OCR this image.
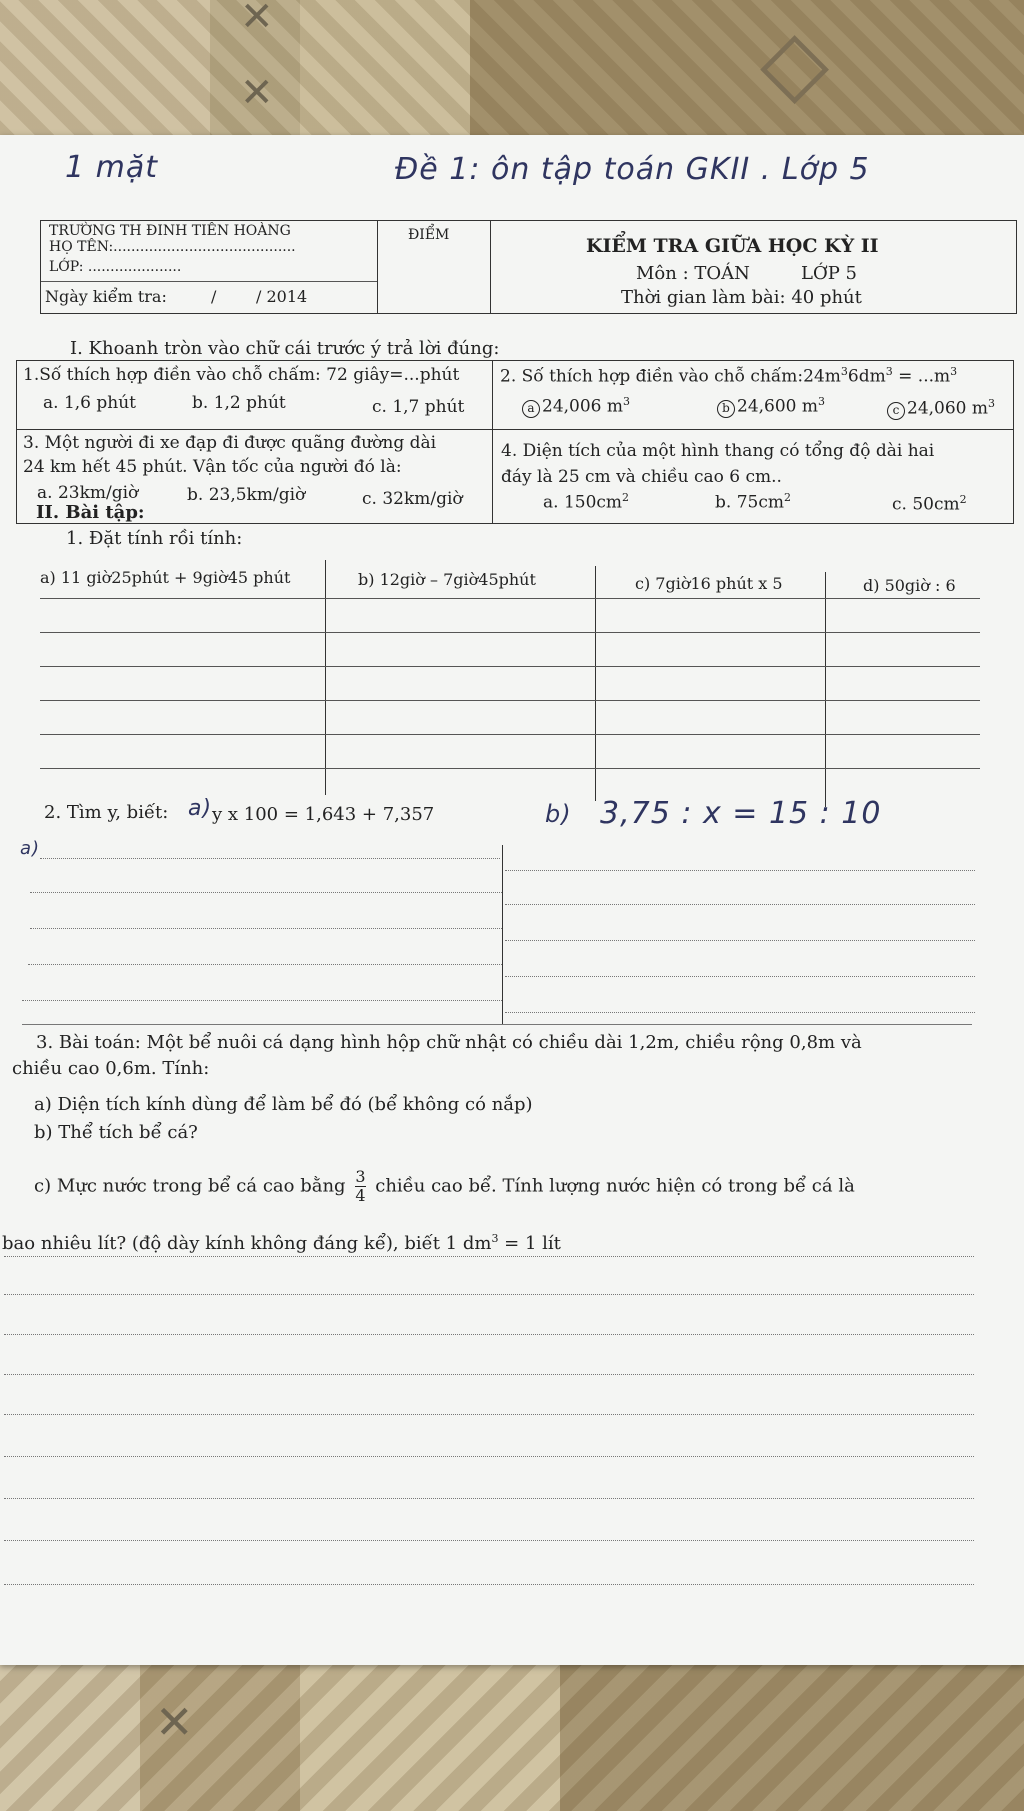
✕
✕	◇
✕
1 mặt	Đề 1: ôn tập toán GKII . Lớp 5
TRƯỜNG TH ĐINH TIÊN HOÀNG
HỌ TÊN:.........................................
LỚP: .....................
Ngày kiểm tra:	/ / 2014
ĐIỂM	KIỂM TRA GIỮA HỌC KỲ II
Môn : TOÁN	LỚP 5
Thời gian làm bài: 40 phút
I. Khoanh tròn vào chữ cái trước ý trả lời đúng:
1.Số thích hợp điền vào chỗ chấm: 72 giây=...phút
a. 1,6 phút	b. 1,2 phút	c. 1,7 phút
2. Số thích hợp điền vào chỗ $chấm:24m^36dm^3 = ...m^3$
a 24,006 $m^3$	b 24,600 $m^3$
c 24,060 $m^3$
3. Một người đi xe đạp đi được quãng đường dài
24 km hết 45 phút. Vận tốc của người đó là:
a. 23km/giờ	b. 23,5km/giờ	c. 32km/giờ
4. Diện tích của một hình thang có tổng độ dài hai
đáy là 25 cm và chiều cao 6 cm..
a. $150cm^2$	b. $75cm^2$	c. $50cm^2$
II. Bài tập:
1. Đặt tính rồi tính:
a) 11 giờ25phút + 9giờ45 phút	b) 12giờ – 7giờ45phút	c) 7giờ16 phút x 5	d) 50giờ : 6
2. Tìm y, biết: a) y x 100 = 1,643 + 7,357	b) 3,75 : x = 15 : 10
a)
3. Bài toán: Một bể nuôi cá dạng hình hộp chữ nhật có chiều dài 1,2m, chiều rộng 0,8m và
chiều cao 0,6m. Tính:
a) Diện tích kính dùng để làm bể đó (bể không có nắp)
b) Thể tích bể cá?
c) Mực nước trong bể cá cao bằng $\frac{3}{4}$ chiều cao bể. Tính lượng nước hiện có trong bể cá là
bao nhiêu lít? (độ dày kính không đáng kể), biết 1 $dm^3 = 1$ lít
